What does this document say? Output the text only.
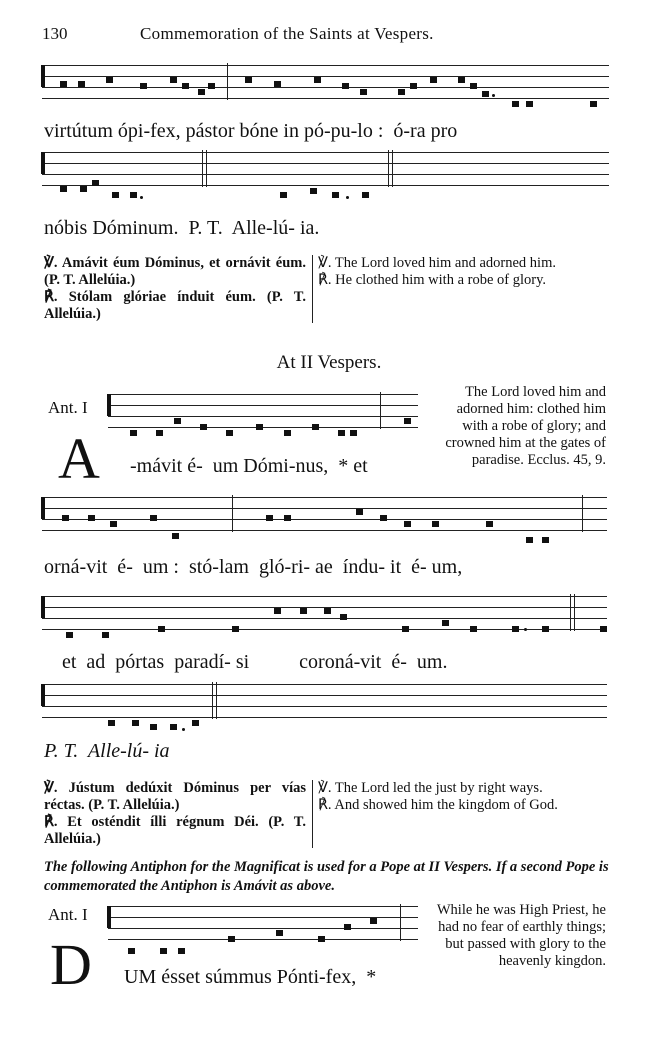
130	Commemoration of the Saints at Vespers.
virtútum ópi-fex, pástor bóne in pó-pu-lo :  ó-ra pro
nóbis Dóminum.  P. T.  Alle-lú- ia.
℣. Amávit éum Dóminus, et ornávit éum. (P. T. Allelúia.)
℟. Stólam glóriae índuit éum. (P. T. Allelúia.)
℣. The Lord loved him and adorned him.
℟. He clothed him with a robe of glory.
At II Vespers.
Ant. I
A -mávit é-  um Dómi-nus,  * et
The Lord loved him and adorned him: clothed him with a robe of glory; and crowned him at the gates of paradise. Ecclus. 45, 9.
orná-vit  é-  um :  stó-lam  gló-ri- ae  índu- it  é- um,
et  ad  pórtas  paradí- si          coroná-vit  é-  um.
P. T.  Alle-lú- ia
℣. Jústum dedúxit Dóminus per vías réctas. (P. T. Allelúia.)
℟. Et osténdit ílli régnum Déi. (P. T. Allelúia.)
℣. The Lord led the just by right ways.
℟. And showed him the kingdom of God.
The following Antiphon for the Magnificat is used for a Pope at II Vespers. If a second Pope is commemorated the Antiphon is Amávit as above.
Ant. I
D UM ésset súmmus Pónti-fex,  *
While he was High Priest, he had no fear of earthly things; but passed with glory to the heavenly kingdon.
